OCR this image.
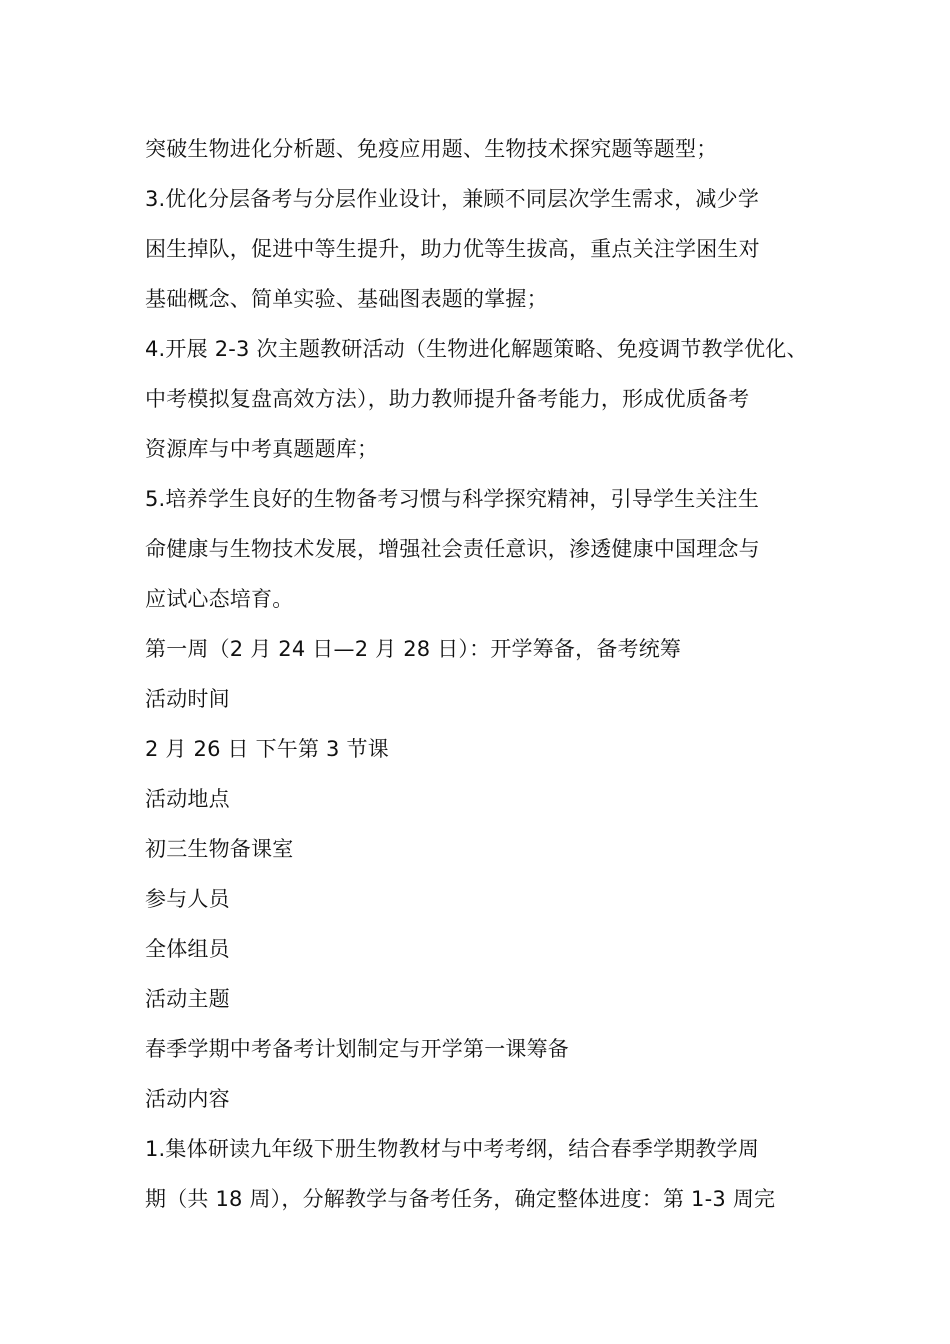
突破生物进化分析题、免疫应用题、生物技术探究题等题型；
3.优化分层备考与分层作业设计，兼顾不同层次学生需求，减少学
困生掉队，促进中等生提升，助力优等生拔高，重点关注学困生对
基础概念、简单实验、基础图表题的掌握；
4.开展 2-3 次主题教研活动（生物进化解题策略、免疫调节教学优化、
中考模拟复盘高效方法），助力教师提升备考能力，形成优质备考
资源库与中考真题题库；
5.培养学生良好的生物备考习惯与科学探究精神，引导学生关注生
命健康与生物技术发展，增强社会责任意识，渗透健康中国理念与
应试心态培育。
第一周（2 月 24 日—2 月 28 日）：开学筹备，备考统筹
活动时间
2 月 26 日 下午第 3 节课
活动地点
初三生物备课室
参与人员
全体组员
活动主题
春季学期中考备考计划制定与开学第一课筹备
活动内容
1.集体研读九年级下册生物教材与中考考纲，结合春季学期教学周
期（共 18 周），分解教学与备考任务，确定整体进度：第 1-3 周完
